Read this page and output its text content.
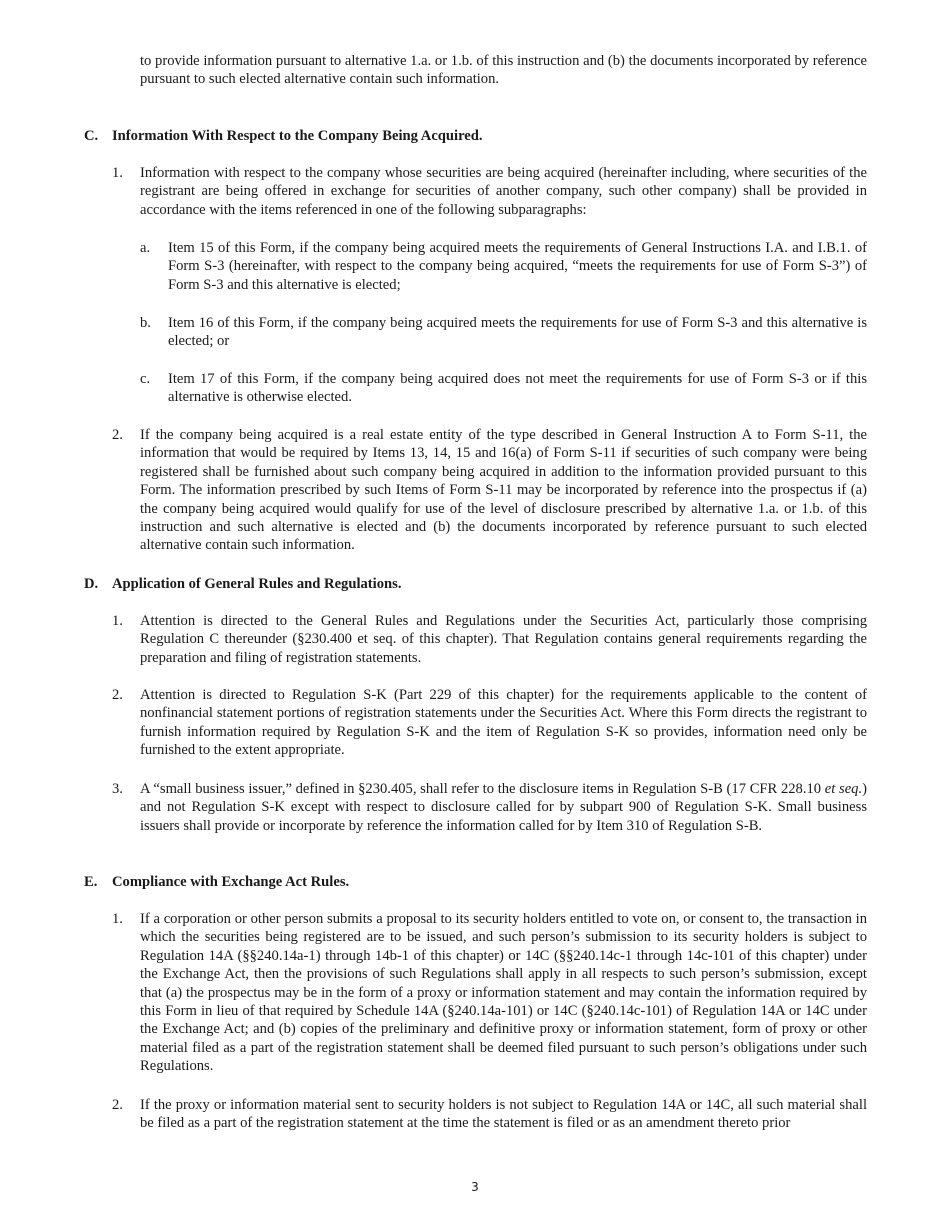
to provide information pursuant to alternative 1.a. or 1.b. of this instruction and (b) the documents incorporated by reference pursuant to such elected alternative contain such information.

C. Information With Respect to the Company Being Acquired.
1. Information with respect to the company whose securities are being acquired (hereinafter including, where securities of the registrant are being offered in exchange for securities of another company, such other company) shall be provided in accordance with the items referenced in one of the following subparagraphs:

a. Item 15 of this Form, if the company being acquired meets the requirements of General Instructions I.A. and I.B.1. of Form S-3 (hereinafter, with respect to the company being acquired, “meets the requirements for use of Form S-3”) of Form S-3 and this alternative is elected;

b. Item 16 of this Form, if the company being acquired meets the requirements for use of Form S-3 and this alternative is elected; or

c. Item 17 of this Form, if the company being acquired does not meet the requirements for use of Form S-3 or if this alternative is otherwise elected.

2. If the company being acquired is a real estate entity of the type described in General Instruction A to Form S-11, the information that would be required by Items 13, 14, 15 and 16(a) of Form S-11 if securities of such company were being registered shall be furnished about such company being acquired in addition to the information provided pursuant to this Form. The information prescribed by such Items of Form S-11 may be incorporated by reference into the prospectus if (a) the company being acquired would qualify for use of the level of disclosure prescribed by alternative 1.a. or 1.b. of this instruction and such alternative is elected and (b) the documents incorporated by reference pursuant to such elected alternative contain such information.

D. Application of General Rules and Regulations.
1. Attention is directed to the General Rules and Regulations under the Securities Act, particularly those comprising Regulation C thereunder (§230.400 et seq. of this chapter). That Regulation contains general requirements regarding the preparation and filing of registration statements.

2. Attention is directed to Regulation S-K (Part 229 of this chapter) for the requirements applicable to the content of nonfinancial statement portions of registration statements under the Securities Act. Where this Form directs the registrant to furnish information required by Regulation S-K and the item of Regulation S-K so provides, information need only be furnished to the extent appropriate.

3. A “small business issuer,” defined in §230.405, shall refer to the disclosure items in Regulation S-B (17 CFR 228.10 et seq.) and not Regulation S-K except with respect to disclosure called for by subpart 900 of Regulation S-K. Small business issuers shall provide or incorporate by reference the information called for by Item 310 of Regulation S-B.

E. Compliance with Exchange Act Rules.
1. If a corporation or other person submits a proposal to its security holders entitled to vote on, or consent to, the transaction in which the securities being registered are to be issued, and such person’s submission to its security holders is subject to Regulation 14A (§§240.14a-1) through 14b-1 of this chapter) or 14C (§§240.14c-1 through 14c-101 of this chapter) under the Exchange Act, then the provisions of such Regulations shall apply in all respects to such person’s submission, except that (a) the prospectus may be in the form of a proxy or information statement and may contain the information required by this Form in lieu of that required by Schedule 14A (§240.14a-101) or 14C (§240.14c-101) of Regulation 14A or 14C under the Exchange Act; and (b) copies of the preliminary and definitive proxy or information statement, form of proxy or other material filed as a part of the registration statement shall be deemed filed pursuant to such person’s obligations under such Regulations.

2. If the proxy or information material sent to security holders is not subject to Regulation 14A or 14C, all such material shall be filed as a part of the registration statement at the time the statement is filed or as an amendment thereto prior

3
